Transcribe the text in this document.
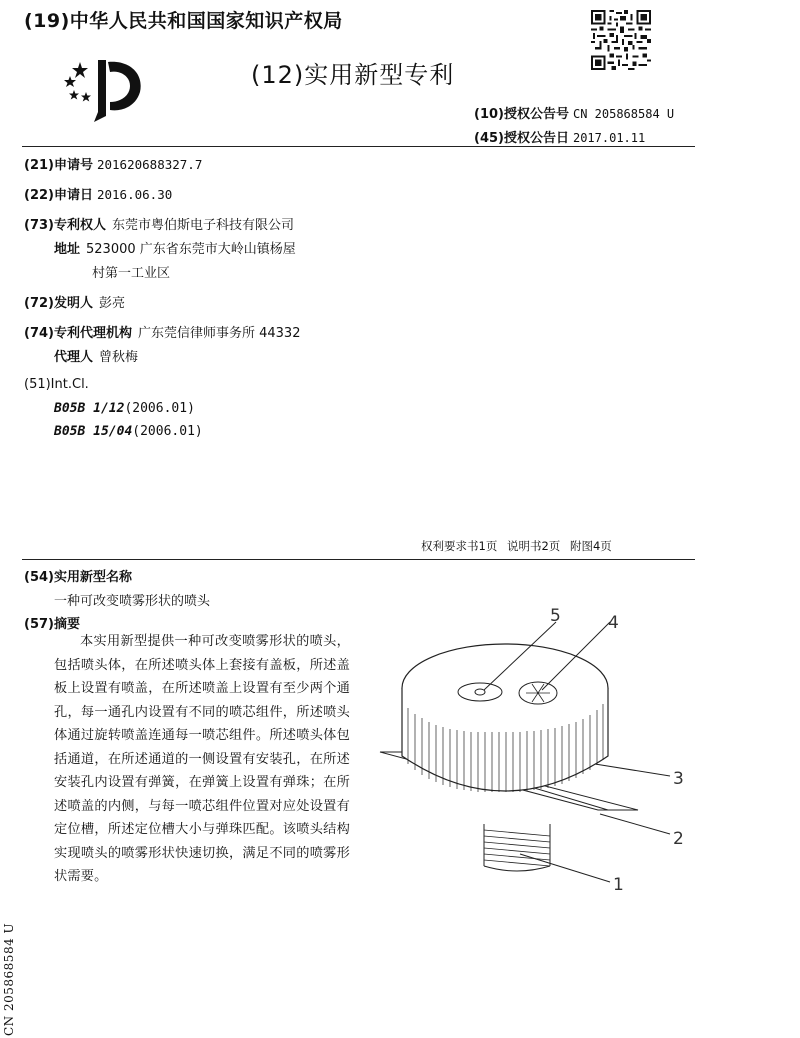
(19)中华人民共和国国家知识产权局
(12)实用新型专利
(10)授权公告号 CN 205868584 U
(45)授权公告日 2017.01.11
(21)申请号 201620688327.7
(22)申请日 2016.06.30
(73)专利权人 东莞市粤伯斯电子科技有限公司
地址 523000 广东省东莞市大岭山镇杨屋
村第一工业区
(72)发明人 彭亮
(74)专利代理机构 广东莞信律师事务所 44332
代理人 曾秋梅
(51)Int.Cl.
B05B 1/12(2006.01)
B05B 15/04(2006.01)
权利要求书1页 说明书2页 附图4页
(54)实用新型名称
一种可改变喷雾形状的喷头
(57)摘要
本实用新型提供一种可改变喷雾形状的喷头，包括喷头体，在所述喷头体上套接有盖板，所述盖板上设置有喷盖，在所述喷盖上设置有至少两个通孔，每一通孔内设置有不同的喷芯组件，所述喷头体通过旋转喷盖连通每一喷芯组件。所述喷头体包括通道，在所述通道的一侧设置有安装孔，在所述安装孔内设置有弹簧，在弹簧上设置有弹珠；在所述喷盖的内侧，与每一喷芯组件位置对应处设置有定位槽，所述定位槽大小与弹珠匹配。该喷头结构实现喷头的喷雾形状快速切换，满足不同的喷雾形状需要。
5	4
3
2
1
CN 205868584 U
